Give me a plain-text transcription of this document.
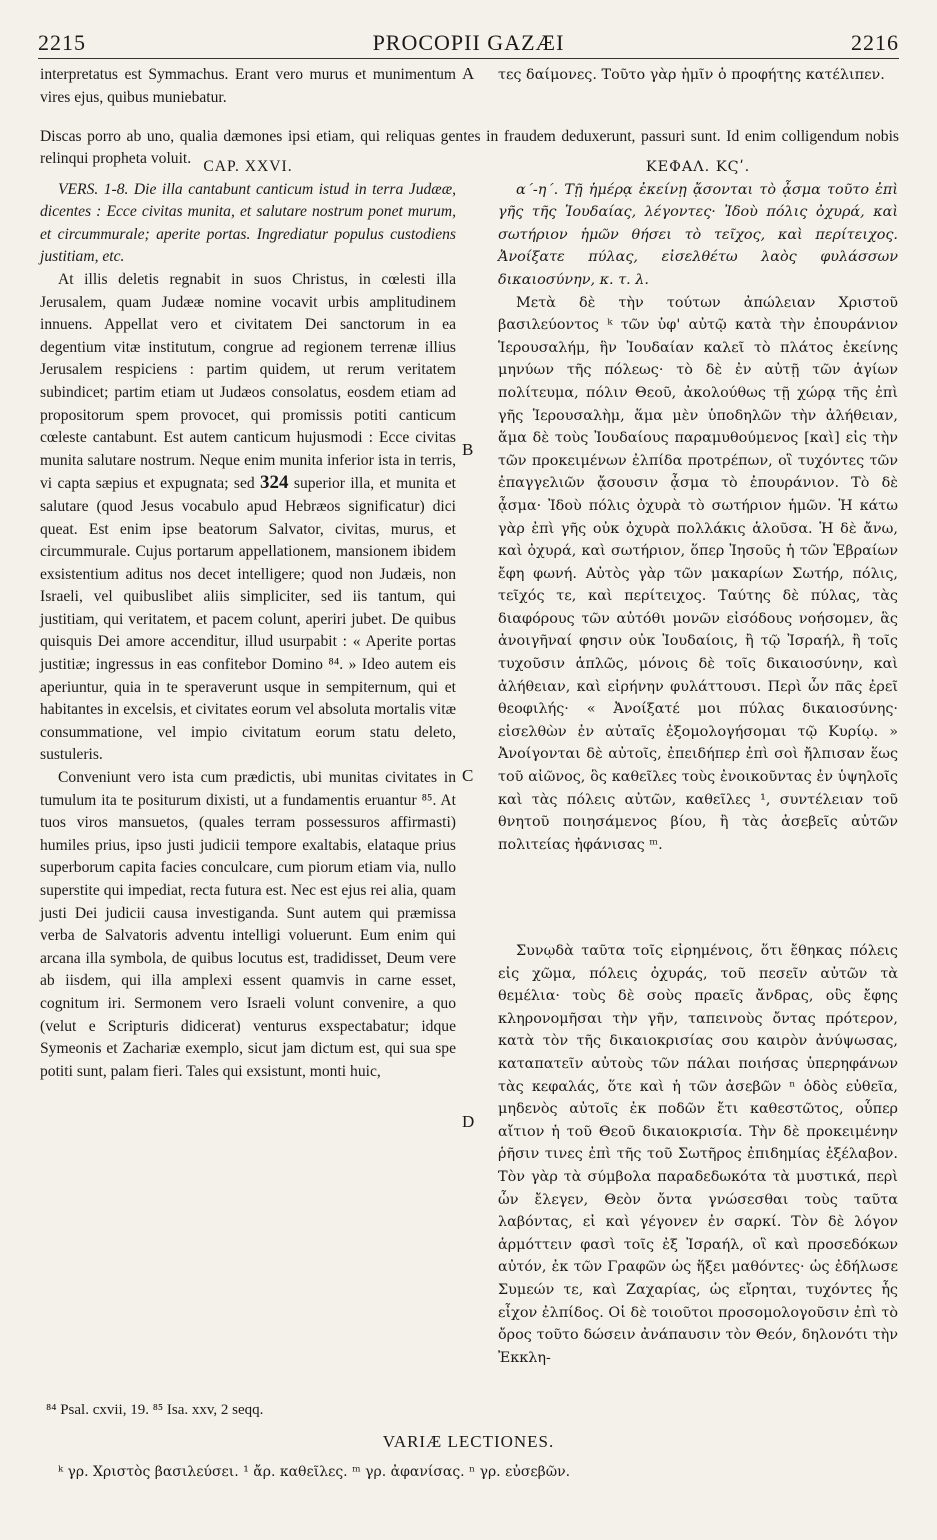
2215	PROCOPII GAZÆI	2216

interpretatus est Symmachus. Erant vero murus et munimentum vires ejus, quibus muniebatur.

τες δαίμονες. Τοῦτο γὰρ ἡμῖν ὁ προφήτης κατέλιπεν.

Discas porro ab uno, qualia dæmones ipsi etiam, qui reliquas gentes in fraudem deduxerunt, passuri sunt. Id enim colligendum nobis relinqui propheta voluit. CAP. XXVI.

VERS. 1-8. Die illa cantabunt canticum istud in terra Judææ, dicentes : Ecce civitas munita, et salutare nostrum ponet murum, et circummurale; aperite portas. Ingrediatur populus custodiens justitiam, etc.

At illis deletis regnabit in suos Christus, in cœlesti illa Jerusalem, quam Judææ nomine vocavit urbis amplitudinem innuens. Appellat vero et civitatem Dei sanctorum in ea degentium vitæ institutum, congrue ad regionem terrenæ illius Jerusalem respiciens : partim quidem, ut rerum veritatem subindicet; partim etiam ut Judæos consolatus, eosdem etiam ad propositorum spem provocet, qui promissis potiti canticum cœleste cantabunt. Est autem canticum hujusmodi : Ecce civitas munita salutare nostrum. Neque enim munita inferior ista in terris, vi capta sæpius et expugnata; sed 324 superior illa, et munita et salutare (quod Jesus vocabulo apud Hebræos significatur) dici queat. Est enim ipse beatorum Salvator, civitas, murus, et circummurale. Cujus portarum appellationem, mansionem ibidem exsistentium aditus nos decet intelligere; quod non Judæis, non Israeli, vel quibuslibet aliis simpliciter, sed iis tantum, qui justitiam, qui veritatem, et pacem colunt, aperiri jubet. De quibus quisquis Dei amore accenditur, illud usurpabit : « Aperite portas justitiæ; ingressus in eas confitebor Domino ⁸⁴. » Ideo autem eis aperiuntur, quia in te speraverunt usque in sempiternum, qui et habitantes in excelsis, et civitates eorum vel absoluta mortalis vitæ consummatione, vel impio civitatum eorum statu deleto, sustuleris.

Conveniunt vero ista cum prædictis, ubi munitas civitates in tumulum ita te positurum dixisti, ut a fundamentis eruantur ⁸⁵. At tuos viros mansuetos, (quales terram possessuros affirmasti) humiles prius, ipso justi judicii tempore exaltabis, elataque prius superborum capita facies conculcare, cum piorum etiam via, nullo superstite qui impediat, recta futura est. Nec est ejus rei alia, quam justi Dei judicii causa investiganda. Sunt autem qui præmissa verba de Salvatoris adventu intelligi voluerunt. Eum enim qui arcana illa symbola, de quibus locutus est, tradidisset, Deum vere ab iisdem, qui illa amplexi essent quamvis in carne esset, cognitum iri. Sermonem vero Israeli volunt convenire, a quo (velut e Scripturis didicerat) venturus exspectabatur; idque Symeonis et Zachariæ exemplo, sicut jam dictum est, qui sua spe potiti sunt, palam fieri. Tales qui exsistunt, monti huic,

ΚΕΦΑΛ. ΚϚʹ.

α΄-η΄. Τῇ ἡμέρᾳ ἐκείνῃ ᾄσονται τὸ ᾆσμα τοῦτο ἐπὶ γῆς τῆς Ἰουδαίας, λέγοντες· Ἰδοὺ πόλις ὀχυρά, καὶ σωτήριον ἡμῶν θήσει τὸ τεῖχος, καὶ περίτειχος. Ἀνοίξατε πύλας, εἰσελθέτω λαὸς φυλάσσων δικαιοσύνην, κ. τ. λ.

Μετὰ δὲ τὴν τούτων ἀπώλειαν Χριστοῦ βασιλεύοντος ᵏ τῶν ὑφ' αὐτῷ κατὰ τὴν ἐπουράνιον Ἱερουσαλήμ, ἣν Ἰουδαίαν καλεῖ τὸ πλάτος ἐκείνης μηνύων τῆς πόλεως· τὸ δὲ ἐν αὐτῇ τῶν ἁγίων πολίτευμα, πόλιν Θεοῦ, ἀκολούθως τῇ χώρᾳ τῆς ἐπὶ γῆς Ἱερουσαλὴμ, ἅμα μὲν ὑποδηλῶν τὴν ἀλήθειαν, ἅμα δὲ τοὺς Ἰουδαίους παραμυθούμενος [καὶ] εἰς τὴν τῶν προκειμένων ἐλπίδα προτρέπων, οἳ τυχόντες τῶν ἐπαγγελιῶν ᾄσουσιν ᾆσμα τὸ ἐπουράνιον. Τὸ δὲ ᾆσμα· Ἰδοὺ πόλις ὀχυρὰ τὸ σωτήριον ἡμῶν. Ἡ κάτω γὰρ ἐπὶ γῆς οὐκ ὀχυρὰ πολλάκις ἁλοῦσα. Ἡ δὲ ἄνω, καὶ ὀχυρά, καὶ σωτήριον, ὅπερ Ἰησοῦς ἡ τῶν Ἑβραίων ἔφη φωνή. Αὐτὸς γὰρ τῶν μακαρίων Σωτήρ, πόλις, τεῖχός τε, καὶ περίτειχος. Ταύτης δὲ πύλας, τὰς διαφόρους τῶν αὐτόθι μονῶν εἰσόδους νοήσομεν, ἃς ἀνοιγῆναί φησιν οὐκ Ἰουδαίοις, ἢ τῷ Ἰσραήλ, ἢ τοῖς τυχοῦσιν ἁπλῶς, μόνοις δὲ τοῖς δικαιοσύνην, καὶ ἀλήθειαν, καὶ εἰρήνην φυλάττουσι. Περὶ ὧν πᾶς ἐρεῖ θεοφιλής· « Ἀνοίξατέ μοι πύλας δικαιοσύνης· εἰσελθὼν ἐν αὐταῖς ἐξομολογήσομαι τῷ Κυρίῳ. » Ἀνοίγονται δὲ αὐτοῖς, ἐπειδήπερ ἐπὶ σοὶ ἤλπισαν ἕως τοῦ αἰῶνος, ὃς καθεῖλες τοὺς ἐνοικοῦντας ἐν ὑψηλοῖς καὶ τὰς πόλεις αὐτῶν, καθεῖλες ¹, συντέλειαν τοῦ θνητοῦ ποιησάμενος βίου, ἢ τὰς ἀσεβεῖς αὐτῶν πολιτείας ἠφάνισας ᵐ.

Συνῳδὰ ταῦτα τοῖς εἰρημένοις, ὅτι ἔθηκας πόλεις εἰς χῶμα, πόλεις ὀχυράς, τοῦ πεσεῖν αὐτῶν τὰ θεμέλια· τοὺς δὲ σοὺς πραεῖς ἄνδρας, οὓς ἔφης κληρονομῆσαι τὴν γῆν, ταπεινοὺς ὄντας πρότερον, κατὰ τὸν τῆς δικαιοκρισίας σου καιρὸν ἀνύψωσας, καταπατεῖν αὐτοὺς τῶν πάλαι ποιήσας ὑπερηφάνων τὰς κεφαλάς, ὅτε καὶ ἡ τῶν ἀσεβῶν ⁿ ὁδὸς εὐθεῖα, μηδενὸς αὐτοῖς ἐκ ποδῶν ἔτι καθεστῶτος, οὗπερ αἴτιον ἡ τοῦ Θεοῦ δικαιοκρισία. Τὴν δὲ προκειμένην ῥῆσιν τινες ἐπὶ τῆς τοῦ Σωτῆρος ἐπιδημίας ἐξέλαβον. Τὸν γὰρ τὰ σύμβολα παραδεδωκότα τὰ μυστικά, περὶ ὧν ἔλεγεν, Θεὸν ὄντα γνώσεσθαι τοὺς ταῦτα λαβόντας, εἰ καὶ γέγονεν ἐν σαρκί. Τὸν δὲ λόγον ἁρμόττειν φασὶ τοῖς ἐξ Ἰσραήλ, οἳ καὶ προσεδόκων αὐτόν, ἐκ τῶν Γραφῶν ὡς ἥξει μαθόντες· ὡς ἐδήλωσε Συμεών τε, καὶ Ζαχαρίας, ὡς εἴρηται, τυχόντες ἧς εἶχον ἐλπίδος. Οἱ δὲ τοιοῦτοι προσομολογοῦσιν ἐπὶ τὸ ὄρος τοῦτο δώσειν ἀνάπαυσιν τὸν Θεόν, δηλονότι τὴν Ἐκκλη-

A
B
C
D
⁸⁴ Psal. cxvii, 19. ⁸⁵ Isa. xxv, 2 seqq.
VARIÆ LECTIONES.
ᵏ γρ. Χριστὸς βασιλεύσει. ¹ ἄρ. καθεῖλες. ᵐ γρ. ἀφανίσας. ⁿ γρ. εὐσεβῶν.
